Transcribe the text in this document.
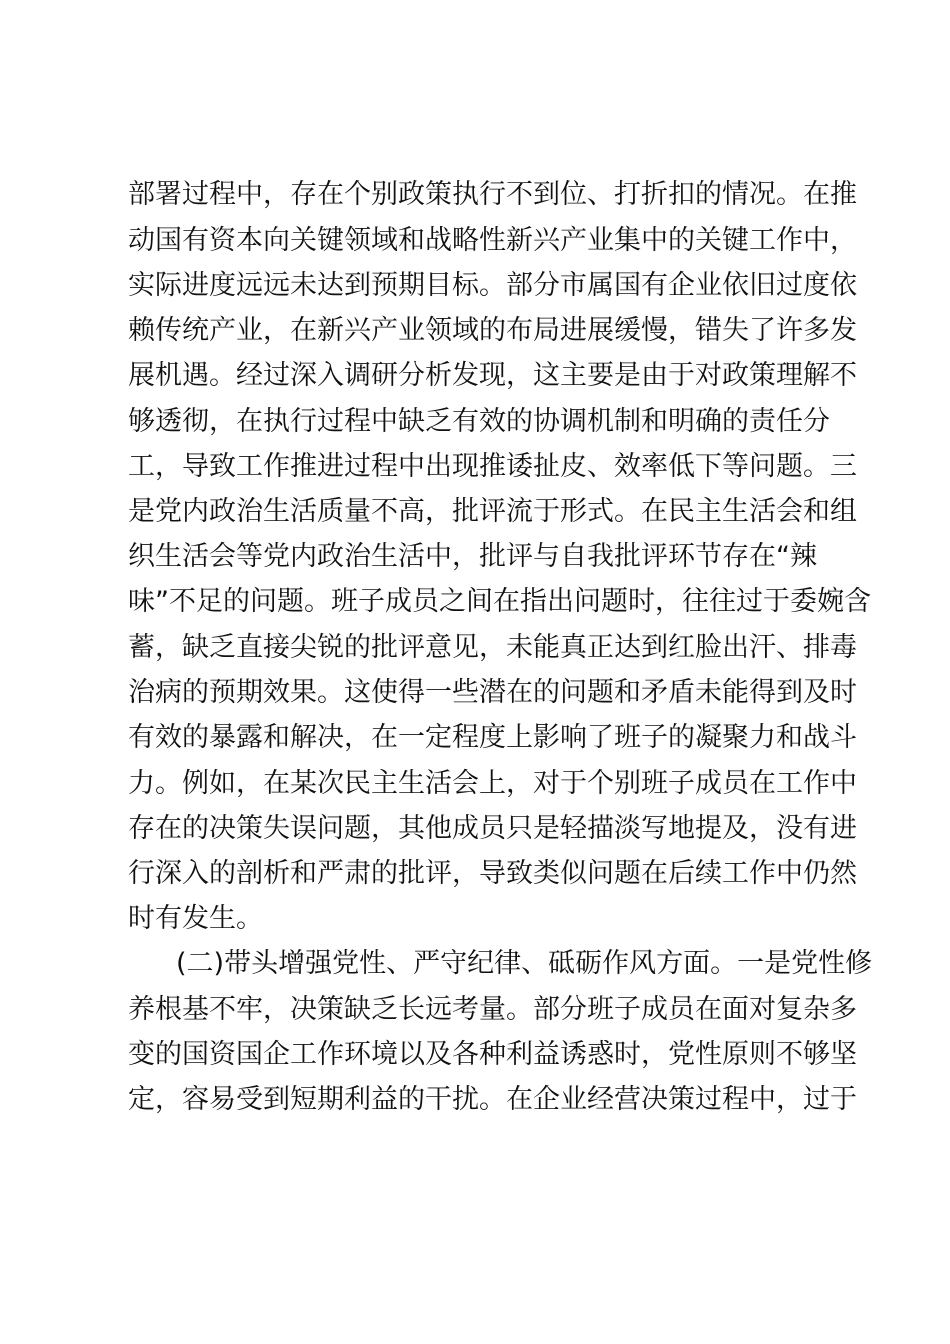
部署过程中，存在个别政策执行不到位、打折扣的情况。在推
动国有资本向关键领域和战略性新兴产业集中的关键工作中，
实际进度远远未达到预期目标。部分市属国有企业依旧过度依
赖传统产业，在新兴产业领域的布局进展缓慢，错失了许多发
展机遇。经过深入调研分析发现，这主要是由于对政策理解不
够透彻，在执行过程中缺乏有效的协调机制和明确的责任分
工，导致工作推进过程中出现推诿扯皮、效率低下等问题。三
是党内政治生活质量不高，批评流于形式。在民主生活会和组
织生活会等党内政治生活中，批评与自我批评环节存在“辣
味”不足的问题。班子成员之间在指出问题时，往往过于委婉含
蓄，缺乏直接尖锐的批评意见，未能真正达到红脸出汗、排毒
治病的预期效果。这使得一些潜在的问题和矛盾未能得到及时
有效的暴露和解决，在一定程度上影响了班子的凝聚力和战斗
力。例如，在某次民主生活会上，对于个别班子成员在工作中
存在的决策失误问题，其他成员只是轻描淡写地提及，没有进
行深入的剖析和严肃的批评，导致类似问题在后续工作中仍然
时有发生。
(二)带头增强党性、严守纪律、砥砺作风方面。一是党性修
养根基不牢，决策缺乏长远考量。部分班子成员在面对复杂多
变的国资国企工作环境以及各种利益诱惑时，党性原则不够坚
定，容易受到短期利益的干扰。在企业经营决策过程中，过于
